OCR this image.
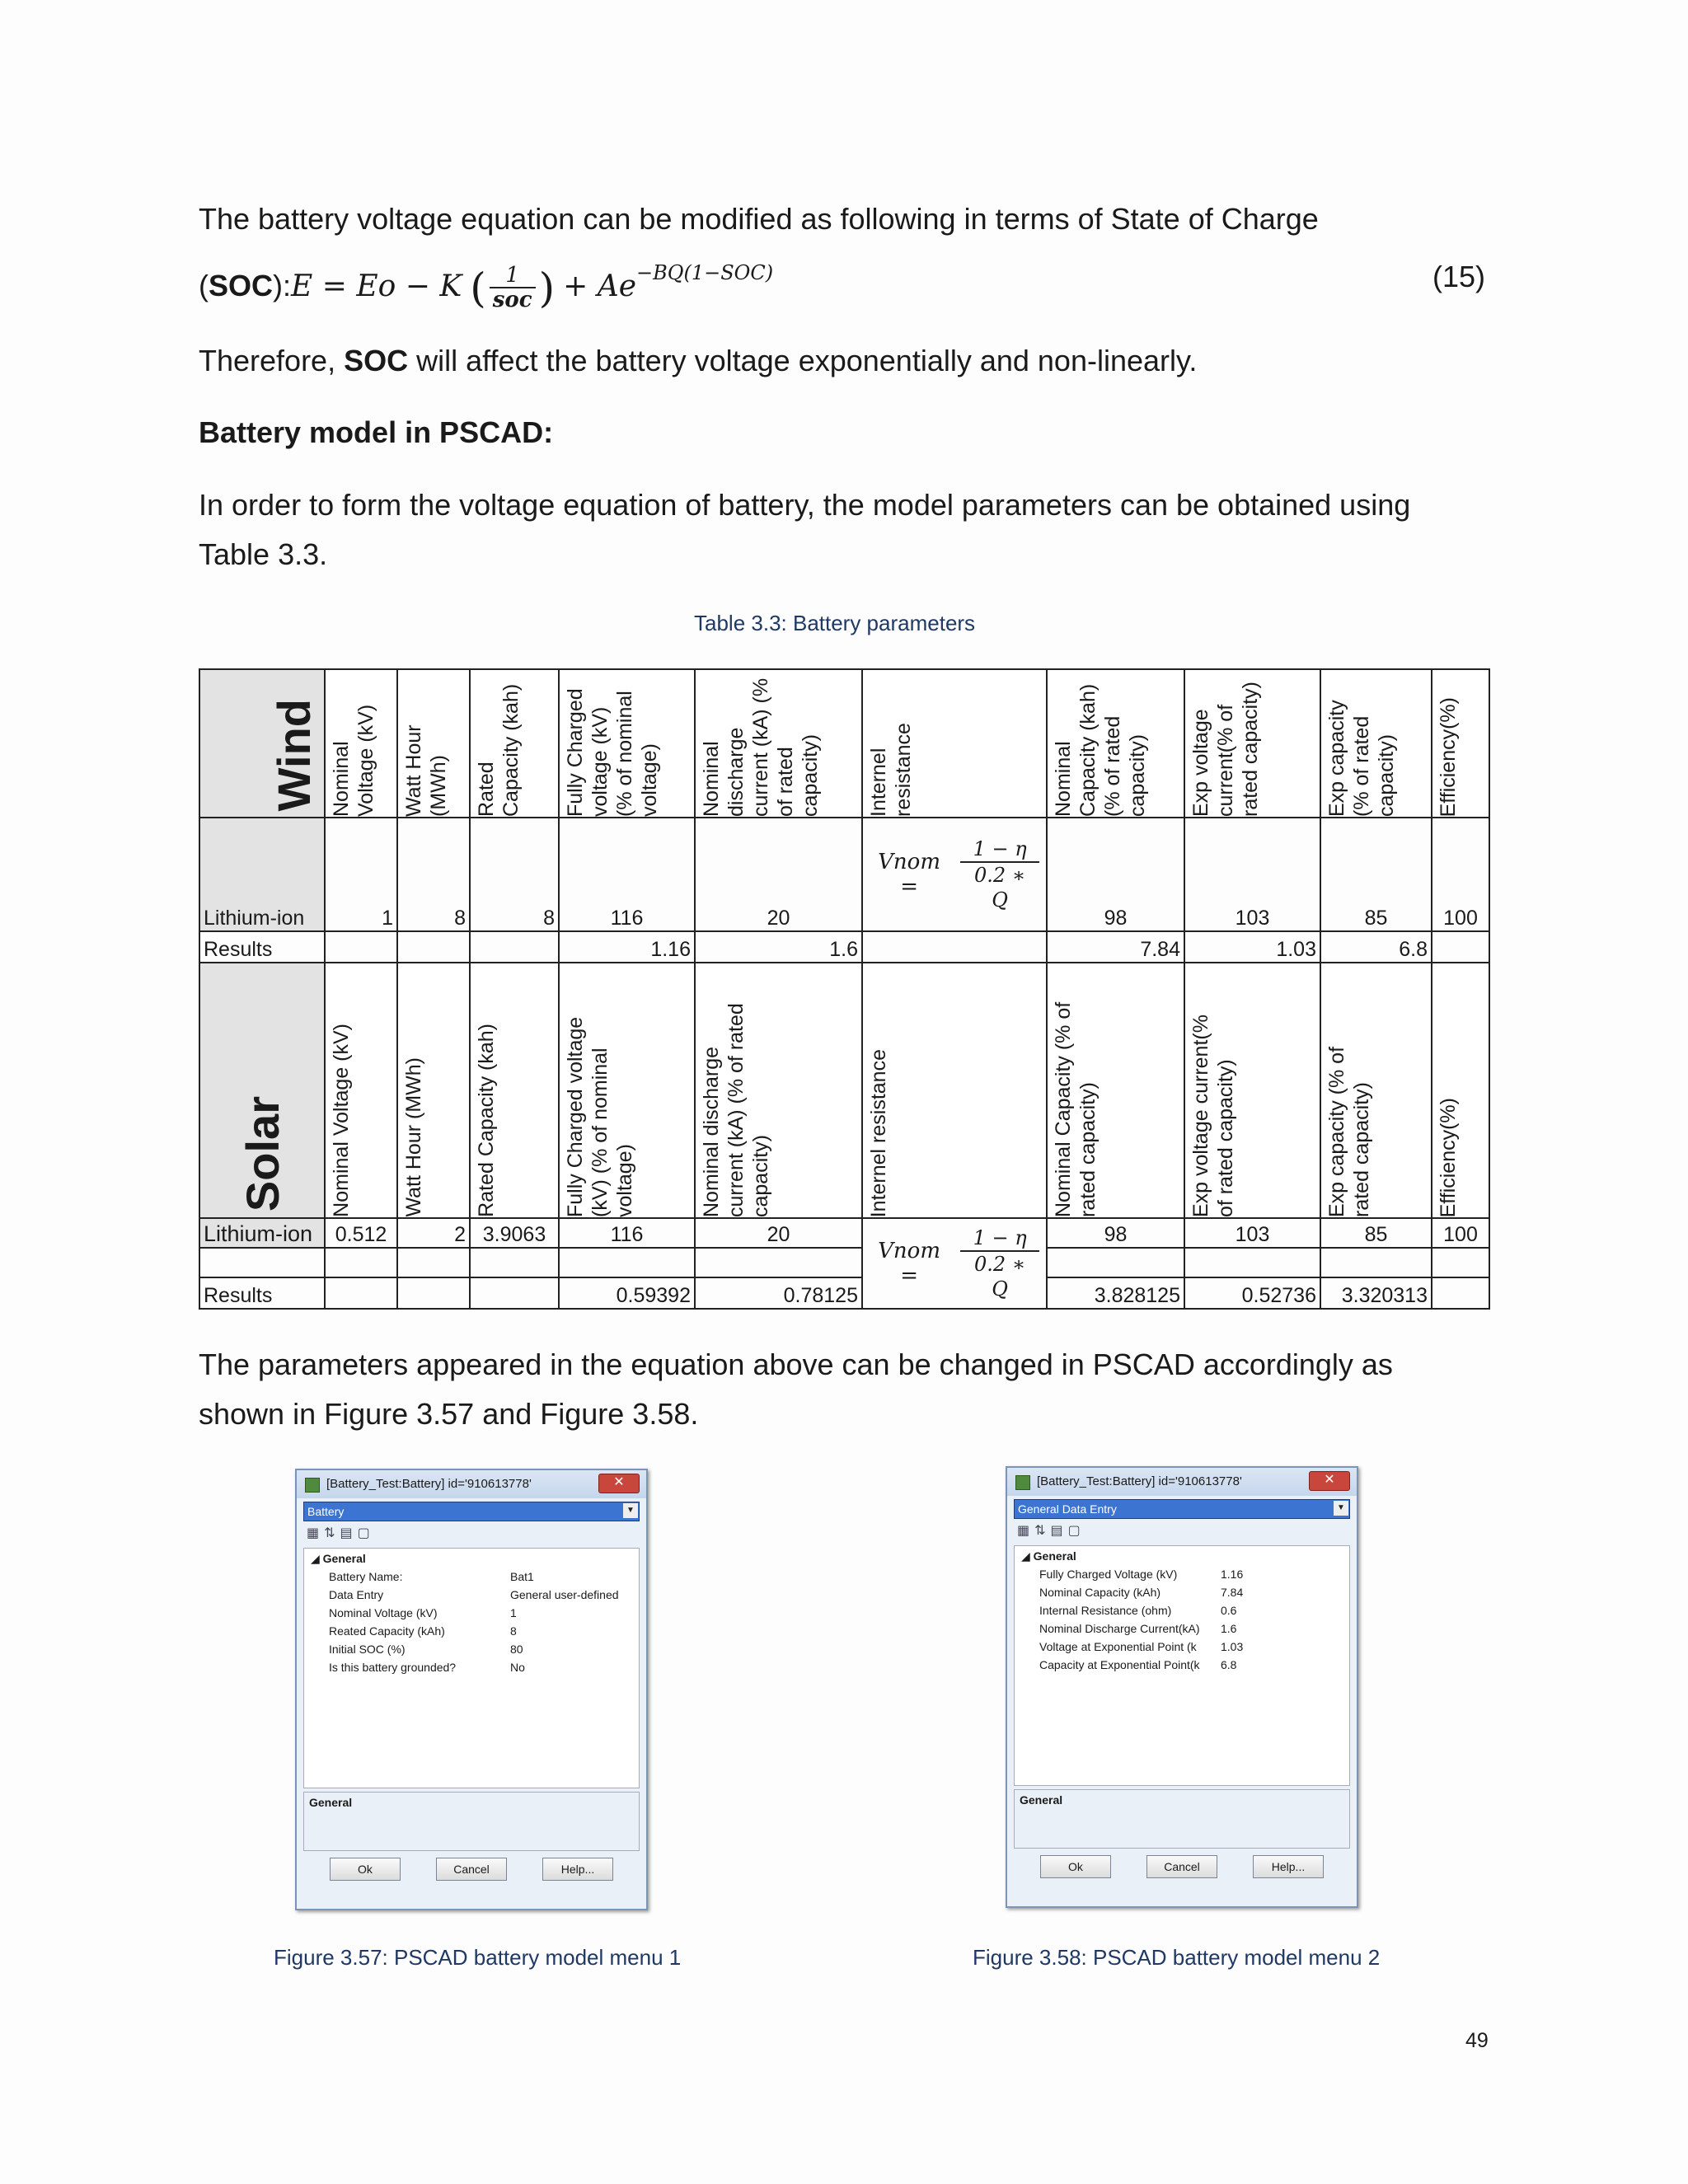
The battery voltage equation can be modified as following in terms of State of Charge
(SOC):E = Eo − K ( $\frac{1}{\text{soc}}$ ) + $Ae^{-BQ(1-SOC)}$	(15)
Therefore, SOC will affect the battery voltage exponentially and non-linearly.
Battery model in PSCAD:
In order to form the voltage equation of battery, the model parameters can be obtained using
Table 3.3.
Table 3.3: Battery parameters
Wind	Nominal Voltage (kV)	Watt Hour (MWh)	Rated Capacity (kah)	Fully Charged voltage (kV) (% of nominal voltage)	Nominal discharge current (kA) (% of rated capacity)	Internel resistance	Nominal Capacity (kah) (% of rated capacity)	Exp voltage current(% of rated capacity)	Exp capacity (% of rated capacity)	Efficiency(%)

Lithium-ion	1	8	8	116	20	Vnom = $\frac{1 - \eta}{0.2 ∗ Q}$	98	103	85	100
Results				1.16	1.6		7.84	1.03	6.8	
Solar	Nominal Voltage (kV)	Watt Hour (MWh)	Rated Capacity (kah)	Fully Charged voltage (kV) (% of nominal voltage)	Nominal discharge current (kA) (% of rated capacity)	Internel resistance	Nominal Capacity (% of rated capacity)	Exp voltage current(% of rated capacity)	Exp capacity (% of rated capacity)	Efficiency(%)

Lithium-ion	0.512	2	3.9063	116	20	Vnom = $\frac{1 - \eta}{0.2 ∗ Q}$	98	103	85	100

Results				0.59392	0.78125		3.828125	0.52736	3.320313	
The parameters appeared in the equation above can be changed in PSCAD accordingly as
shown in Figure 3.57 and Figure 3.58.
[Battery_Test:Battery] id='910613778'	✕
Battery	▼
▦⇅▤▢
◢ General
Battery Name:	Bat1
Data Entry	General user-defined
Nominal Voltage (kV)	1
Reated Capacity (kAh)	8
Initial SOC (%)	80
Is this battery grounded?	No
General
Ok	Cancel	Help...
[Battery_Test:Battery] id='910613778'	✕
General Data Entry	▼
▦⇅▤▢
◢ General
Fully Charged Voltage (kV)	1.16
Nominal Capacity (kAh)	7.84
Internal Resistance (ohm)	0.6
Nominal Discharge Current(kA)	1.6
Voltage at Exponential Point (k	1.03
Capacity at Exponential Point(k	6.8
General
Ok	Cancel	Help...
Figure 3.57: PSCAD battery model menu 1	Figure 3.58: PSCAD battery model menu 2
49
